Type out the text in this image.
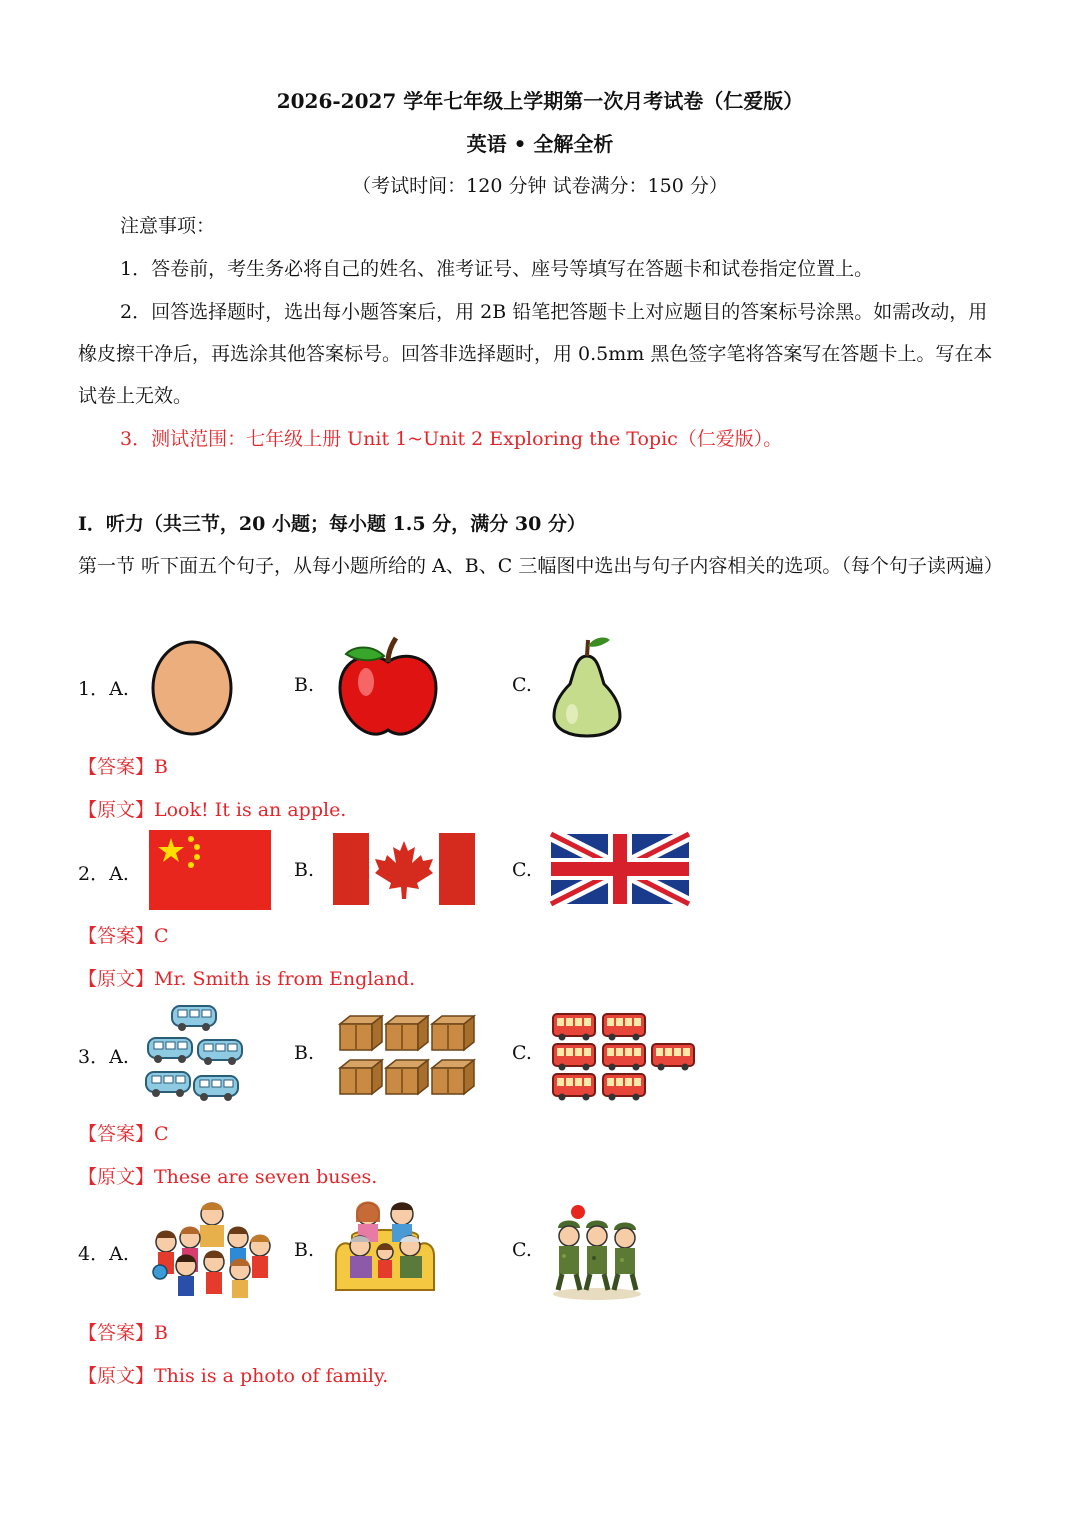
2026-2027 学年七年级上学期第一次月考试卷（仁爱版）
英语 • 全解全析
（考试时间：120 分钟 试卷满分：150 分）
注意事项：
1．答卷前，考生务必将自己的姓名、准考证号、座号等填写在答题卡和试卷指定位置上。
2．回答选择题时，选出每小题答案后，用 2B 铅笔把答题卡上对应题目的答案标号涂黑。如需改动，用橡皮擦干净后，再选涂其他答案标号。回答非选择题时，用 0.5mm 黑色签字笔将答案写在答题卡上。写在本试卷上无效。
3．测试范围：七年级上册 Unit 1~Unit 2 Exploring the Topic（仁爱版）。
I．听力（共三节，20 小题；每小题 1.5 分，满分 30 分）
第一节 听下面五个句子，从每小题所给的 A、B、C 三幅图中选出与句子内容相关的选项。（每个句子读两遍）
1．A.	B.	C.
【答案】B
【原文】Look! It is an apple.
2．A.	B.	C.
【答案】C
【原文】Mr. Smith is from England.
3．A.	B.	C.
【答案】C
【原文】These are seven buses.
4．A.	B.	C.
【答案】B
【原文】This is a photo of family.
